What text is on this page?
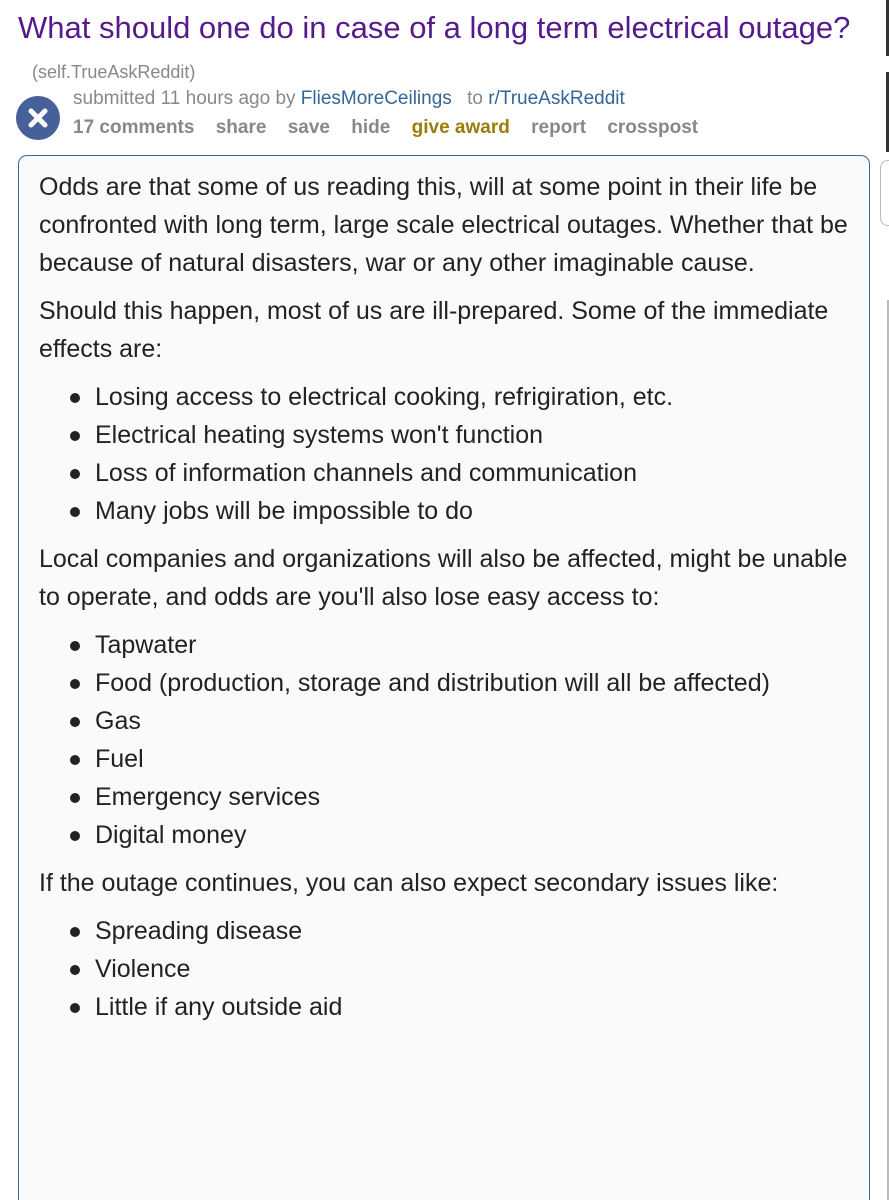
What should one do in case of a long term electrical outage? (self.TrueAskReddit)
submitted 11 hours ago by FliesMoreCeilings to r/TrueAskReddit
17 comments share save hide give award report crosspost

Odds are that some of us reading this, will at some point in their life be confronted with long term, large scale electrical outages. Whether that be because of natural disasters, war or any other imaginable cause.

Should this happen, most of us are ill-prepared. Some of the immediate effects are:

Losing access to electrical cooking, refrigiration, etc.
Electrical heating systems won't function
Loss of information channels and communication
Many jobs will be impossible to do

Local companies and organizations will also be affected, might be unable to operate, and odds are you'll also lose easy access to:

Tapwater
Food (production, storage and distribution will all be affected)
Gas
Fuel
Emergency services
Digital money

If the outage continues, you can also expect secondary issues like:

Spreading disease
Violence
Little if any outside aid
